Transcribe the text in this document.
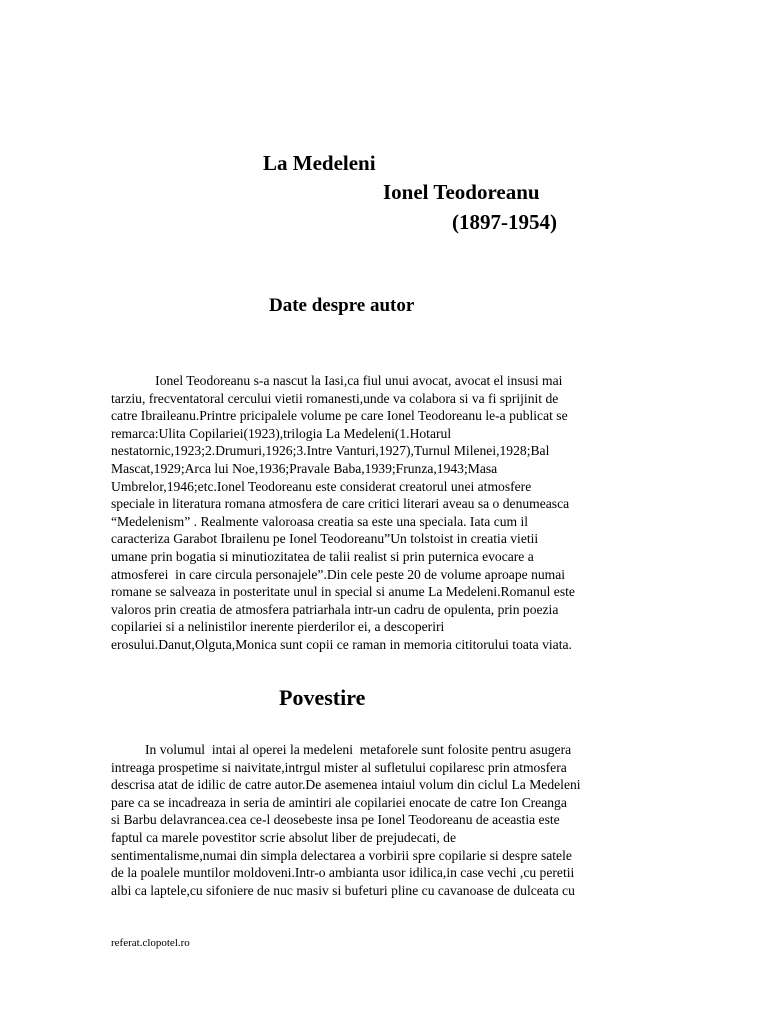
La Medeleni
Ionel Teodoreanu
(1897-1954)
Date despre autor
Ionel Teodoreanu s-a nascut la Iasi,ca fiul unui avocat, avocat el insusi mai
tarziu, frecventatoral cercului vietii romanesti,unde va colabora si va fi sprijinit de
catre Ibraileanu.Printre pricipalele volume pe care Ionel Teodoreanu le-a publicat se
remarca:Ulita Copilariei(1923),trilogia La Medeleni(1.Hotarul
nestatornic,1923;2.Drumuri,1926;3.Intre Vanturi,1927),Turnul Milenei,1928;Bal
Mascat,1929;Arca lui Noe,1936;Pravale Baba,1939;Frunza,1943;Masa
Umbrelor,1946;etc.Ionel Teodoreanu este considerat creatorul unei atmosfere
speciale in literatura romana atmosfera de care critici literari aveau sa o denumeasca
“Medelenism” . Realmente valoroasa creatia sa este una speciala. Iata cum il
caracteriza Garabot Ibrailenu pe Ionel Teodoreanu”Un tolstoist in creatia vietii
umane prin bogatia si minutiozitatea de talii realist si prin puternica evocare a
atmosferei  in care circula personajele”.Din cele peste 20 de volume aproape numai
romane se salveaza in posteritate unul in special si anume La Medeleni.Romanul este
valoros prin creatia de atmosfera patriarhala intr-un cadru de opulenta, prin poezia
copilariei si a nelinistilor inerente pierderilor ei, a descoperiri
erosului.Danut,Olguta,Monica sunt copii ce raman in memoria cititorului toata viata.
Povestire
In volumul  intai al operei la medeleni  metaforele sunt folosite pentru asugera
intreaga prospetime si naivitate,intrgul mister al sufletului copilaresc prin atmosfera
descrisa atat de idilic de catre autor.De asemenea intaiul volum din ciclul La Medeleni
pare ca se incadreaza in seria de amintiri ale copilariei enocate de catre Ion Creanga
si Barbu delavrancea.cea ce-l deosebeste insa pe Ionel Teodoreanu de aceastia este
faptul ca marele povestitor scrie absolut liber de prejudecati, de
sentimentalisme,numai din simpla delectarea a vorbirii spre copilarie si despre satele
de la poalele muntilor moldoveni.Intr-o ambianta usor idilica,in case vechi ,cu peretii
albi ca laptele,cu sifoniere de nuc masiv si bufeturi pline cu cavanoase de dulceata cu
referat.clopotel.ro
